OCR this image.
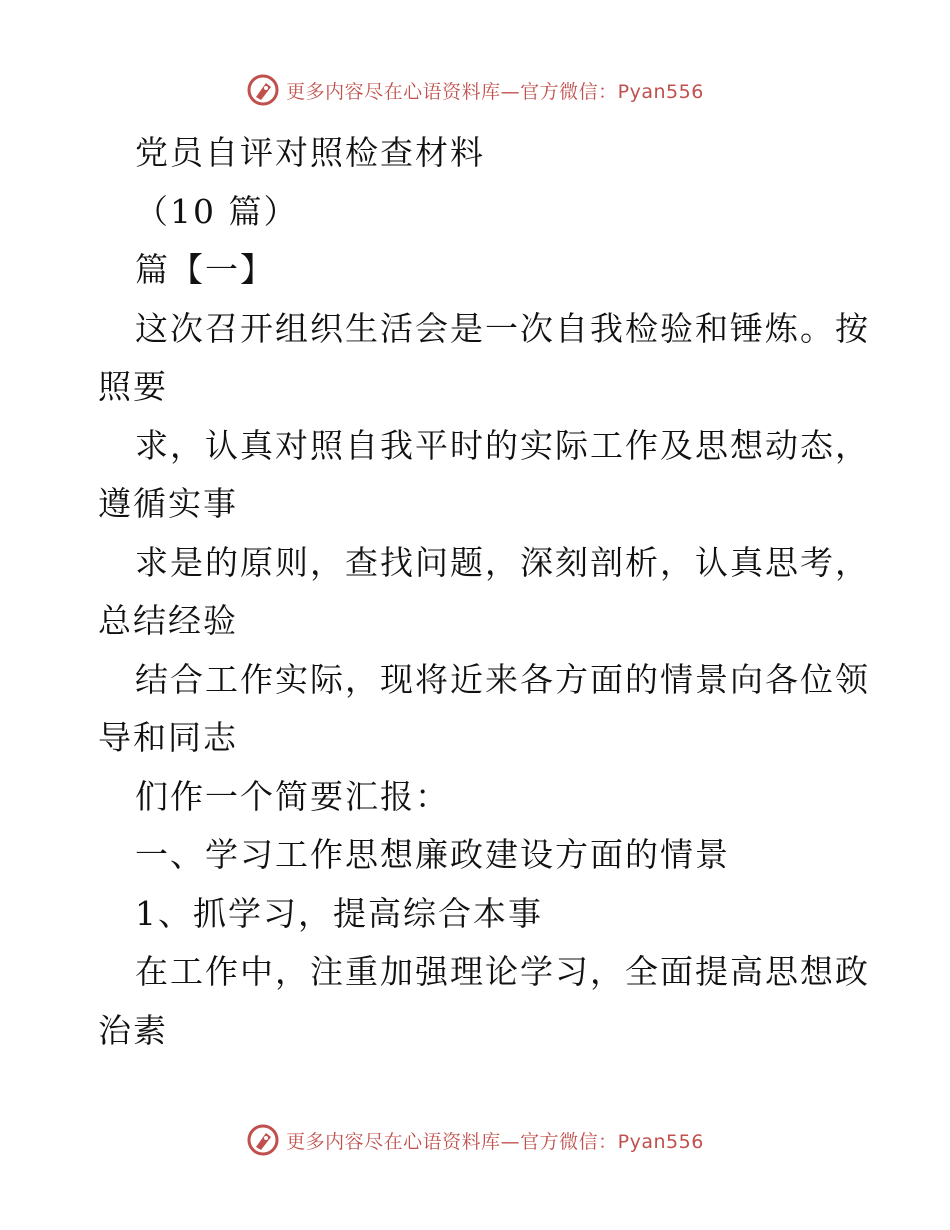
更多内容尽在心语资料库—官方微信：Pyan556
党员自评对照检查材料
（10 篇）
篇【一】
这次召开组织生活会是一次自我检验和锤炼。按
照要
求，认真对照自我平时的实际工作及思想动态，
遵循实事
求是的原则，查找问题，深刻剖析，认真思考，
总结经验
结合工作实际，现将近来各方面的情景向各位领
导和同志
们作一个简要汇报：
一、学习工作思想廉政建设方面的情景
1、抓学习，提高综合本事
在工作中，注重加强理论学习，全面提高思想政
治素
更多内容尽在心语资料库—官方微信：Pyan556
